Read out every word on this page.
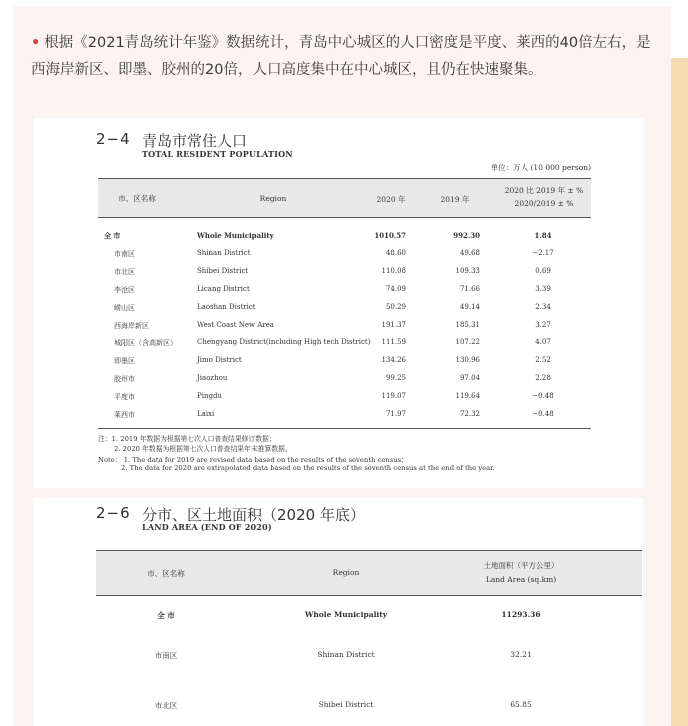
• 根据《2021青岛统计年鉴》数据统计，青岛中心城区的人口密度是平度、莱西的40倍左右，是西海岸新区、即墨、胶州的20倍，人口高度集中在中心城区，且仍在快速聚集。

2−4 青岛市常住人口
TOTAL RESIDENT POPULATION
单位：万人 (10 000 person)
市、区名称	Region	2020 年	2019 年
2020 比 2019 年 ± %
2020/2019 ± %
全 市	Whole Municipality	1010.57	992.30	1.84
市南区	Shinan District	48.60	49.68	−2.17
市北区	Shibei District	110.08	109.33	0.69
李沧区	Licang District	74.09	71.66	3.39
崂山区	Laoshan District	50.29	49.14	2.34
西海岸新区	West Coast New Area	191.37	185.31	3.27
城阳区（含高新区）	Chengyang District(including High tech District)	111.59	107.22	4.07
即墨区	Jimo District	134.26	130.96	2.52
胶州市	Jiaozhou	99.25	97.04	2.28
平度市	Pingdu	119.07	119.64	−0.48
莱西市	Laixi	71.97	72.32	−0.48
注：1. 2019 年数据为根据第七次人口普查结果修订数据；
2. 2020 年数据为根据第七次人口普查结果年末推算数据。
Note： 1. The data for 2019 are revised data based on the results of the seventh census；
2. The data for 2020 are extrapolated data based on the results of the seventh census at the end of the year.
2−6 分市、区土地面积（2020 年底）
LAND AREA (END OF 2020)
市、区名称	Region
土地面积（平方公里）
Land Area (sq.km)
全 市	Whole Municipality	11293.36
市南区	Shinan District	32.21
市北区	Shibei District	65.85
